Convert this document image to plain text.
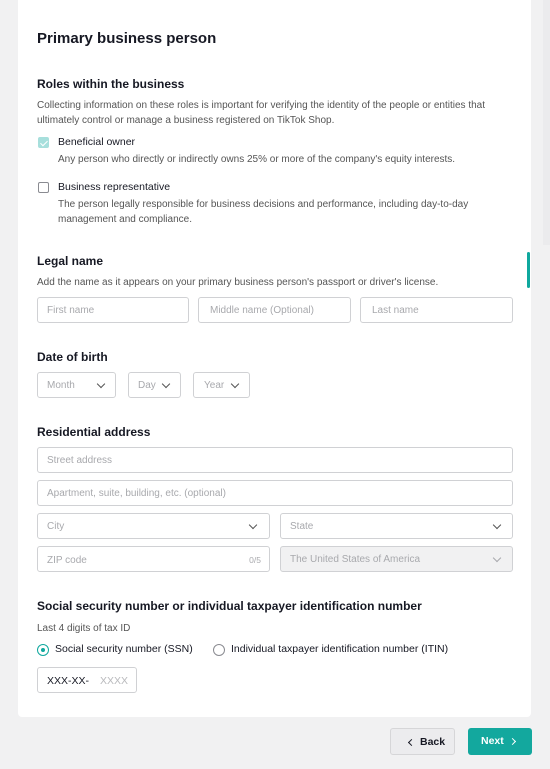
Primary business person
Roles within the business
Collecting information on these roles is important for verifying the identity of the people or entities that ultimately control or manage a business registered on TikTok Shop.
Beneficial owner
Any person who directly or indirectly owns 25% or more of the company's equity interests.
Business representative
The person legally responsible for business decisions and performance, including day-to-day
management and compliance.
Legal name
Add the name as it appears on your primary business person's passport or driver's license.
First name	Middle name (Optional)	Last name
Date of birth
Month	Day	Year
Residential address
Street address
Apartment, suite, building, etc. (optional)
City	State
ZIP code	0/5	The United States of America
Social security number or individual taxpayer identification number
Last 4 digits of tax ID
Social security number (SSN)	Individual taxpayer identification number (ITIN)
XXX-XX- XXXX
Back	Next
